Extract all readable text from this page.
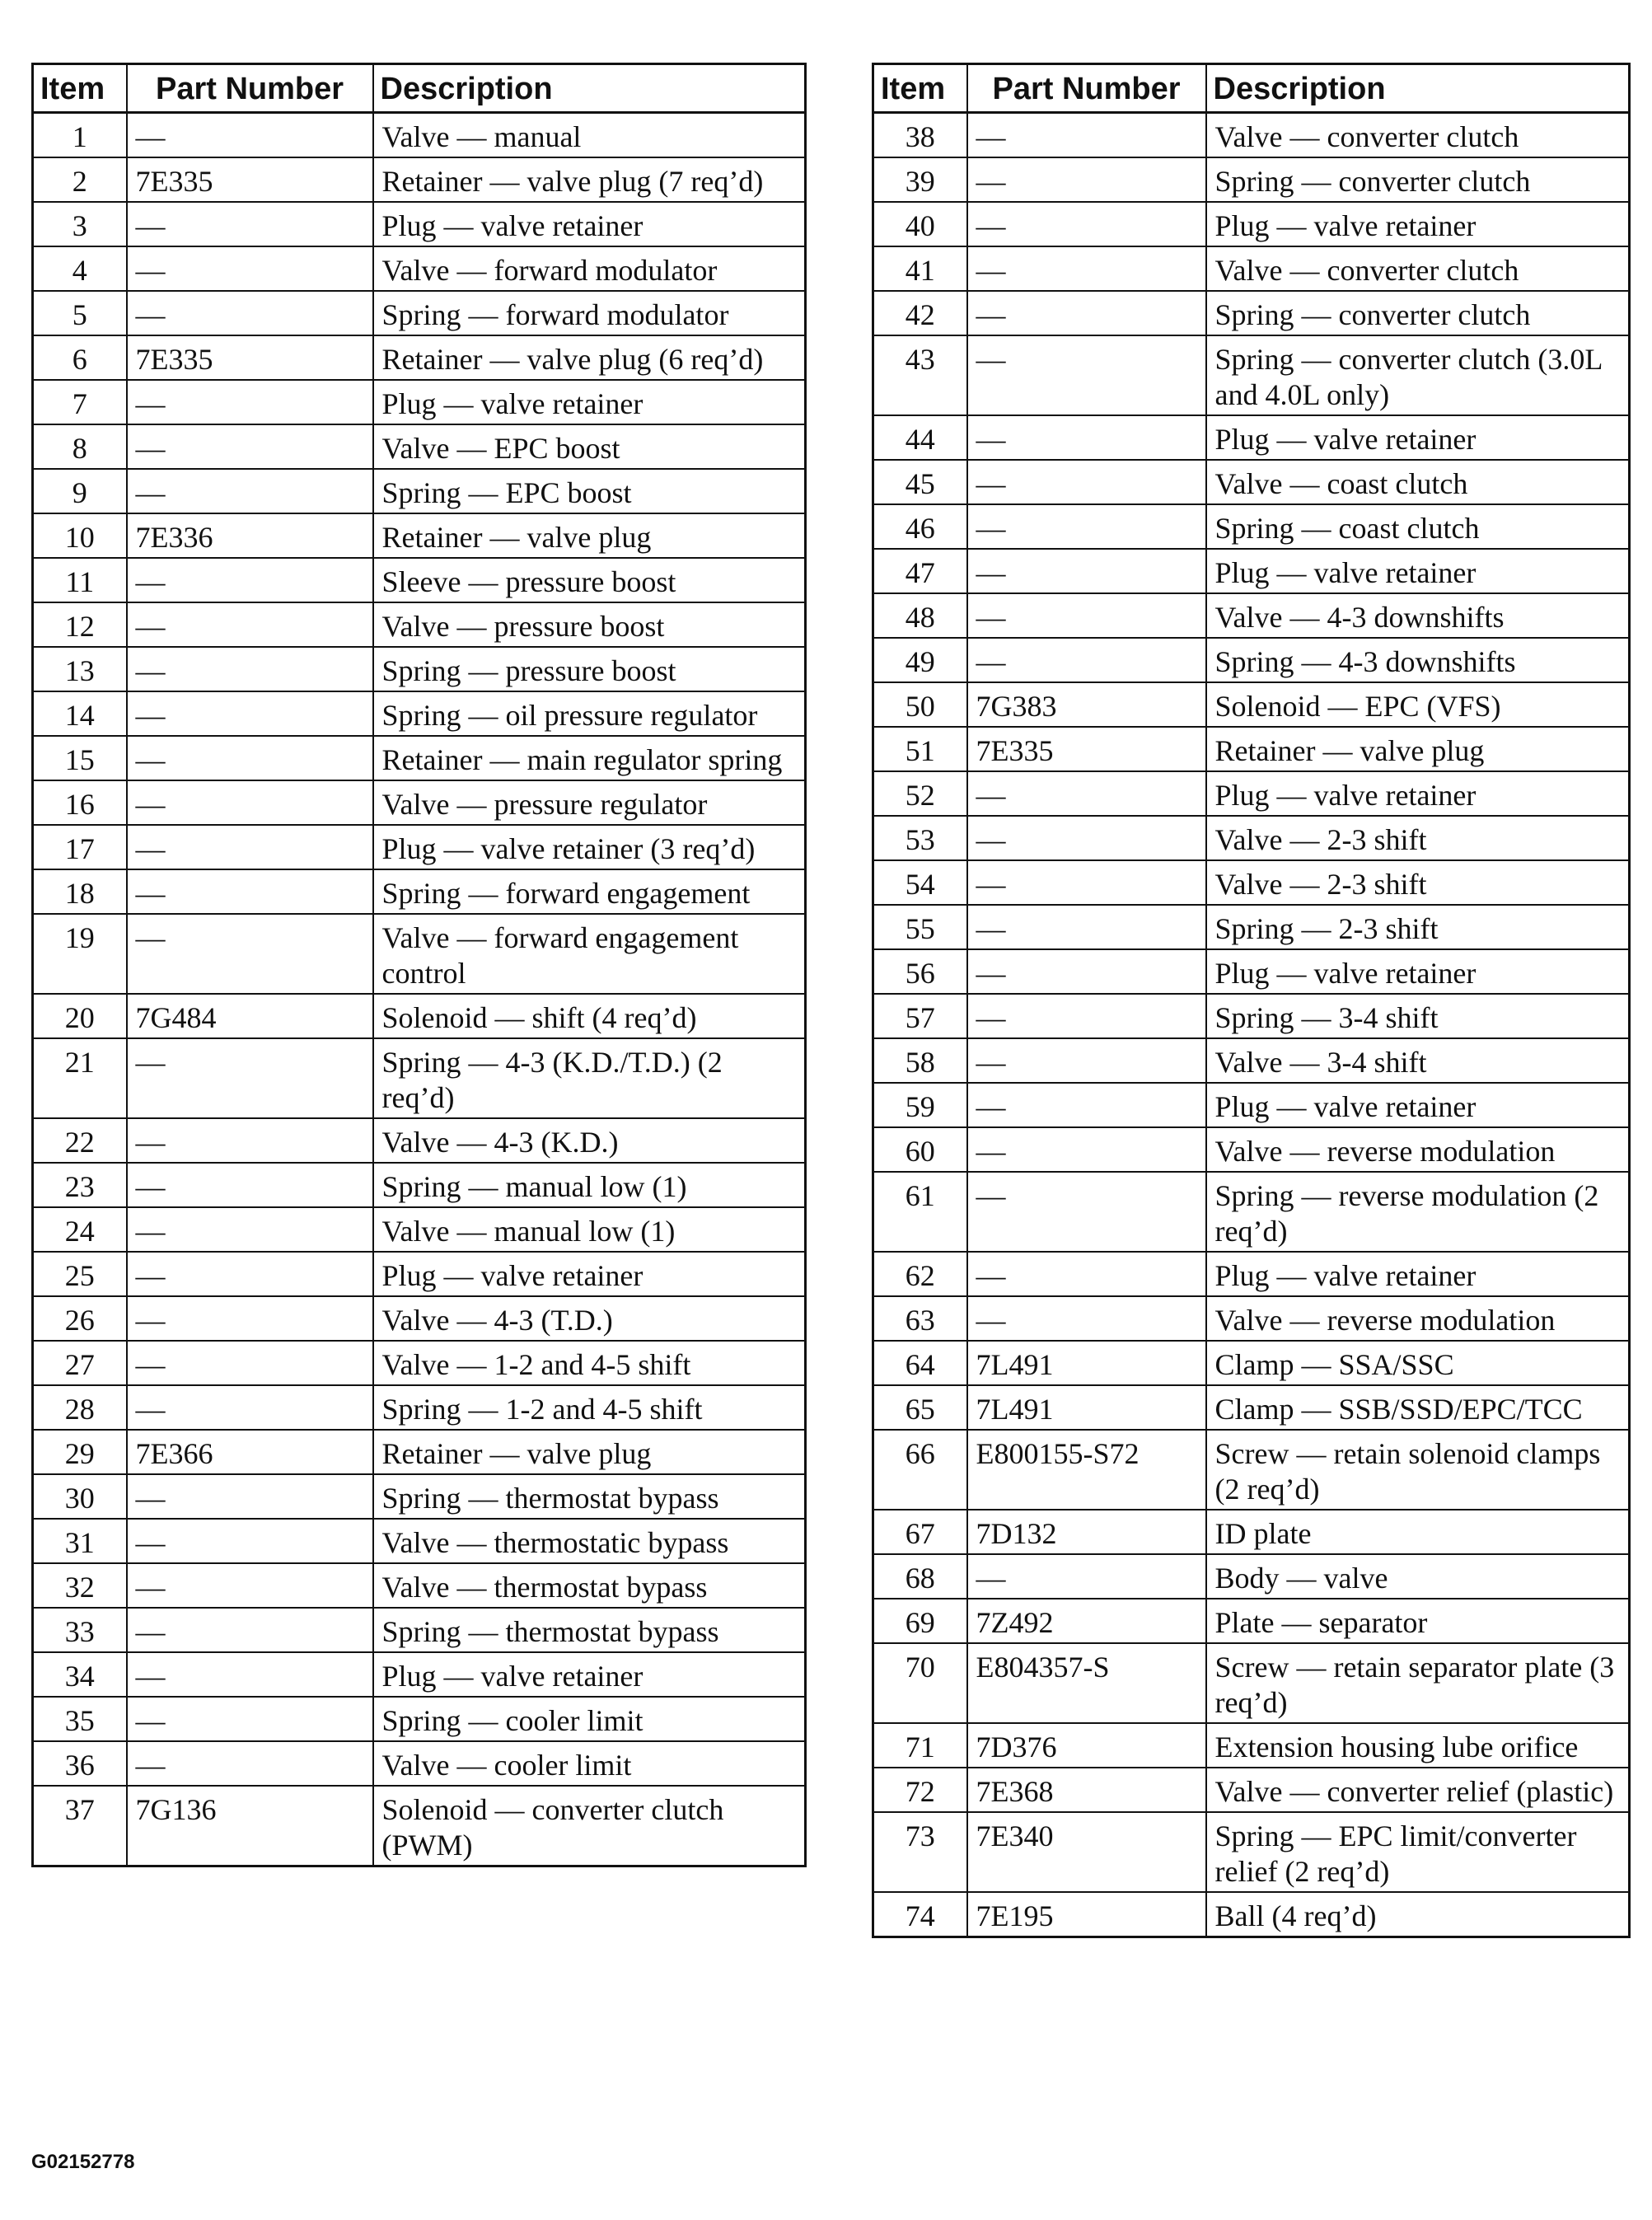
Item	Part Number	Description
1	—	Valve — manual
2	7E335	Retainer — valve plug (7 req’d)
3	—	Plug — valve retainer
4	—	Valve — forward modulator
5	—	Spring — forward modulator
6	7E335	Retainer — valve plug (6 req’d)
7	—	Plug — valve retainer
8	—	Valve — EPC boost
9	—	Spring — EPC boost
10	7E336	Retainer — valve plug
11	—	Sleeve — pressure boost
12	—	Valve — pressure boost
13	—	Spring — pressure boost
14	—	Spring — oil pressure regulator
15	—	Retainer — main regulator spring
16	—	Valve — pressure regulator
17	—	Plug — valve retainer (3 req’d)
18	—	Spring — forward engagement
19	—	Valve — forward engagement control
20	7G484	Solenoid — shift (4 req’d)
21	—	Spring — 4-3 (K.D./T.D.) (2 req’d)
22	—	Valve — 4-3 (K.D.)
23	—	Spring — manual low (1)
24	—	Valve — manual low (1)
25	—	Plug — valve retainer
26	—	Valve — 4-3 (T.D.)
27	—	Valve — 1-2 and 4-5 shift
28	—	Spring — 1-2 and 4-5 shift
29	7E366	Retainer — valve plug
30	—	Spring — thermostat bypass
31	—	Valve — thermostatic bypass
32	—	Valve — thermostat bypass
33	—	Spring — thermostat bypass
34	—	Plug — valve retainer
35	—	Spring — cooler limit
36	—	Valve — cooler limit
37	7G136	Solenoid — converter clutch (PWM)
Item	Part Number	Description
38	—	Valve — converter clutch
39	—	Spring — converter clutch
40	—	Plug — valve retainer
41	—	Valve — converter clutch
42	—	Spring — converter clutch
43	—	Spring — converter clutch (3.0L and 4.0L only)
44	—	Plug — valve retainer
45	—	Valve — coast clutch
46	—	Spring — coast clutch
47	—	Plug — valve retainer
48	—	Valve — 4-3 downshifts
49	—	Spring — 4-3 downshifts
50	7G383	Solenoid — EPC (VFS)
51	7E335	Retainer — valve plug
52	—	Plug — valve retainer
53	—	Valve — 2-3 shift
54	—	Valve — 2-3 shift
55	—	Spring — 2-3 shift
56	—	Plug — valve retainer
57	—	Spring — 3-4 shift
58	—	Valve — 3-4 shift
59	—	Plug — valve retainer
60	—	Valve — reverse modulation
61	—	Spring — reverse modulation (2 req’d)
62	—	Plug — valve retainer
63	—	Valve — reverse modulation
64	7L491	Clamp — SSA/SSC
65	7L491	Clamp — SSB/SSD/EPC/TCC
66	E800155-S72	Screw — retain solenoid clamps (2 req’d)
67	7D132	ID plate
68	—	Body — valve
69	7Z492	Plate — separator
70	E804357-S	Screw — retain separator plate (3 req’d)
71	7D376	Extension housing lube orifice
72	7E368	Valve — converter relief (plastic)
73	7E340	Spring — EPC limit/converter relief (2 req’d)
74	7E195	Ball (4 req’d)
G02152778
